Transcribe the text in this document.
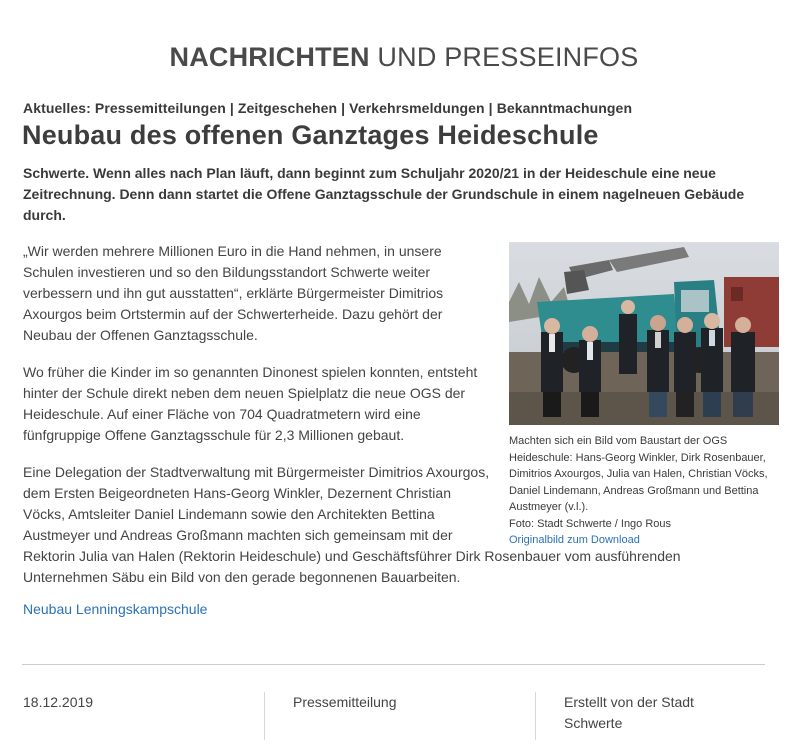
NACHRICHTEN UND PRESSEINFOS
Aktuelles: Pressemitteilungen | Zeitgeschehen | Verkehrsmeldungen | Bekanntmachungen
Neubau des offenen Ganztages Heideschule
Schwerte. Wenn alles nach Plan läuft, dann beginnt zum Schuljahr 2020/21 in der Heideschule eine neue Zeitrechnung. Denn dann startet die Offene Ganztagsschule der Grundschule in einem nagelneuen Gebäude durch.
Machten sich ein Bild vom Baustart der OGS Heideschule: Hans-Georg Winkler, Dirk Rosenbauer, Dimitrios Axourgos, Julia van Halen, Christian Vöcks, Daniel Lindemann, Andreas Großmann und Bettina Austmeyer (v.l.).
Foto: Stadt Schwerte / Ingo Rous
Originalbild zum Download

„Wir werden mehrere Millionen Euro in die Hand nehmen, in unsere Schulen investieren und so den Bildungsstandort Schwerte weiter verbessern und ihn gut ausstatten“, erklärte Bürgermeister Dimitrios Axourgos beim Ortstermin auf der Schwerterheide. Dazu gehört der Neubau der Offenen Ganztagsschule.

Wo früher die Kinder im so genannten Dinonest spielen konnten, entsteht hinter der Schule direkt neben dem neuen Spielplatz die neue OGS der Heideschule. Auf einer Fläche von 704 Quadratmetern wird eine fünfgruppige Offene Ganztagsschule für 2,3 Millionen gebaut.

Eine Delegation der Stadtverwaltung mit Bürgermeister Dimitrios Axourgos, dem Ersten Beigeordneten Hans-Georg Winkler, Dezernent Christian Vöcks, Amtsleiter Daniel Lindemann sowie den Architekten Bettina Austmeyer und Andreas Großmann machten sich gemeinsam mit der Rektorin Julia van Halen (Rektorin Heideschule) und Geschäftsführer Dirk Rosenbauer vom ausführenden Unternehmen Säbu ein Bild von den gerade begonnenen Bauarbeiten.
Neubau Lenningskampschule
18.12.2019	Pressemitteilung	Erstellt von der Stadt Schwerte
